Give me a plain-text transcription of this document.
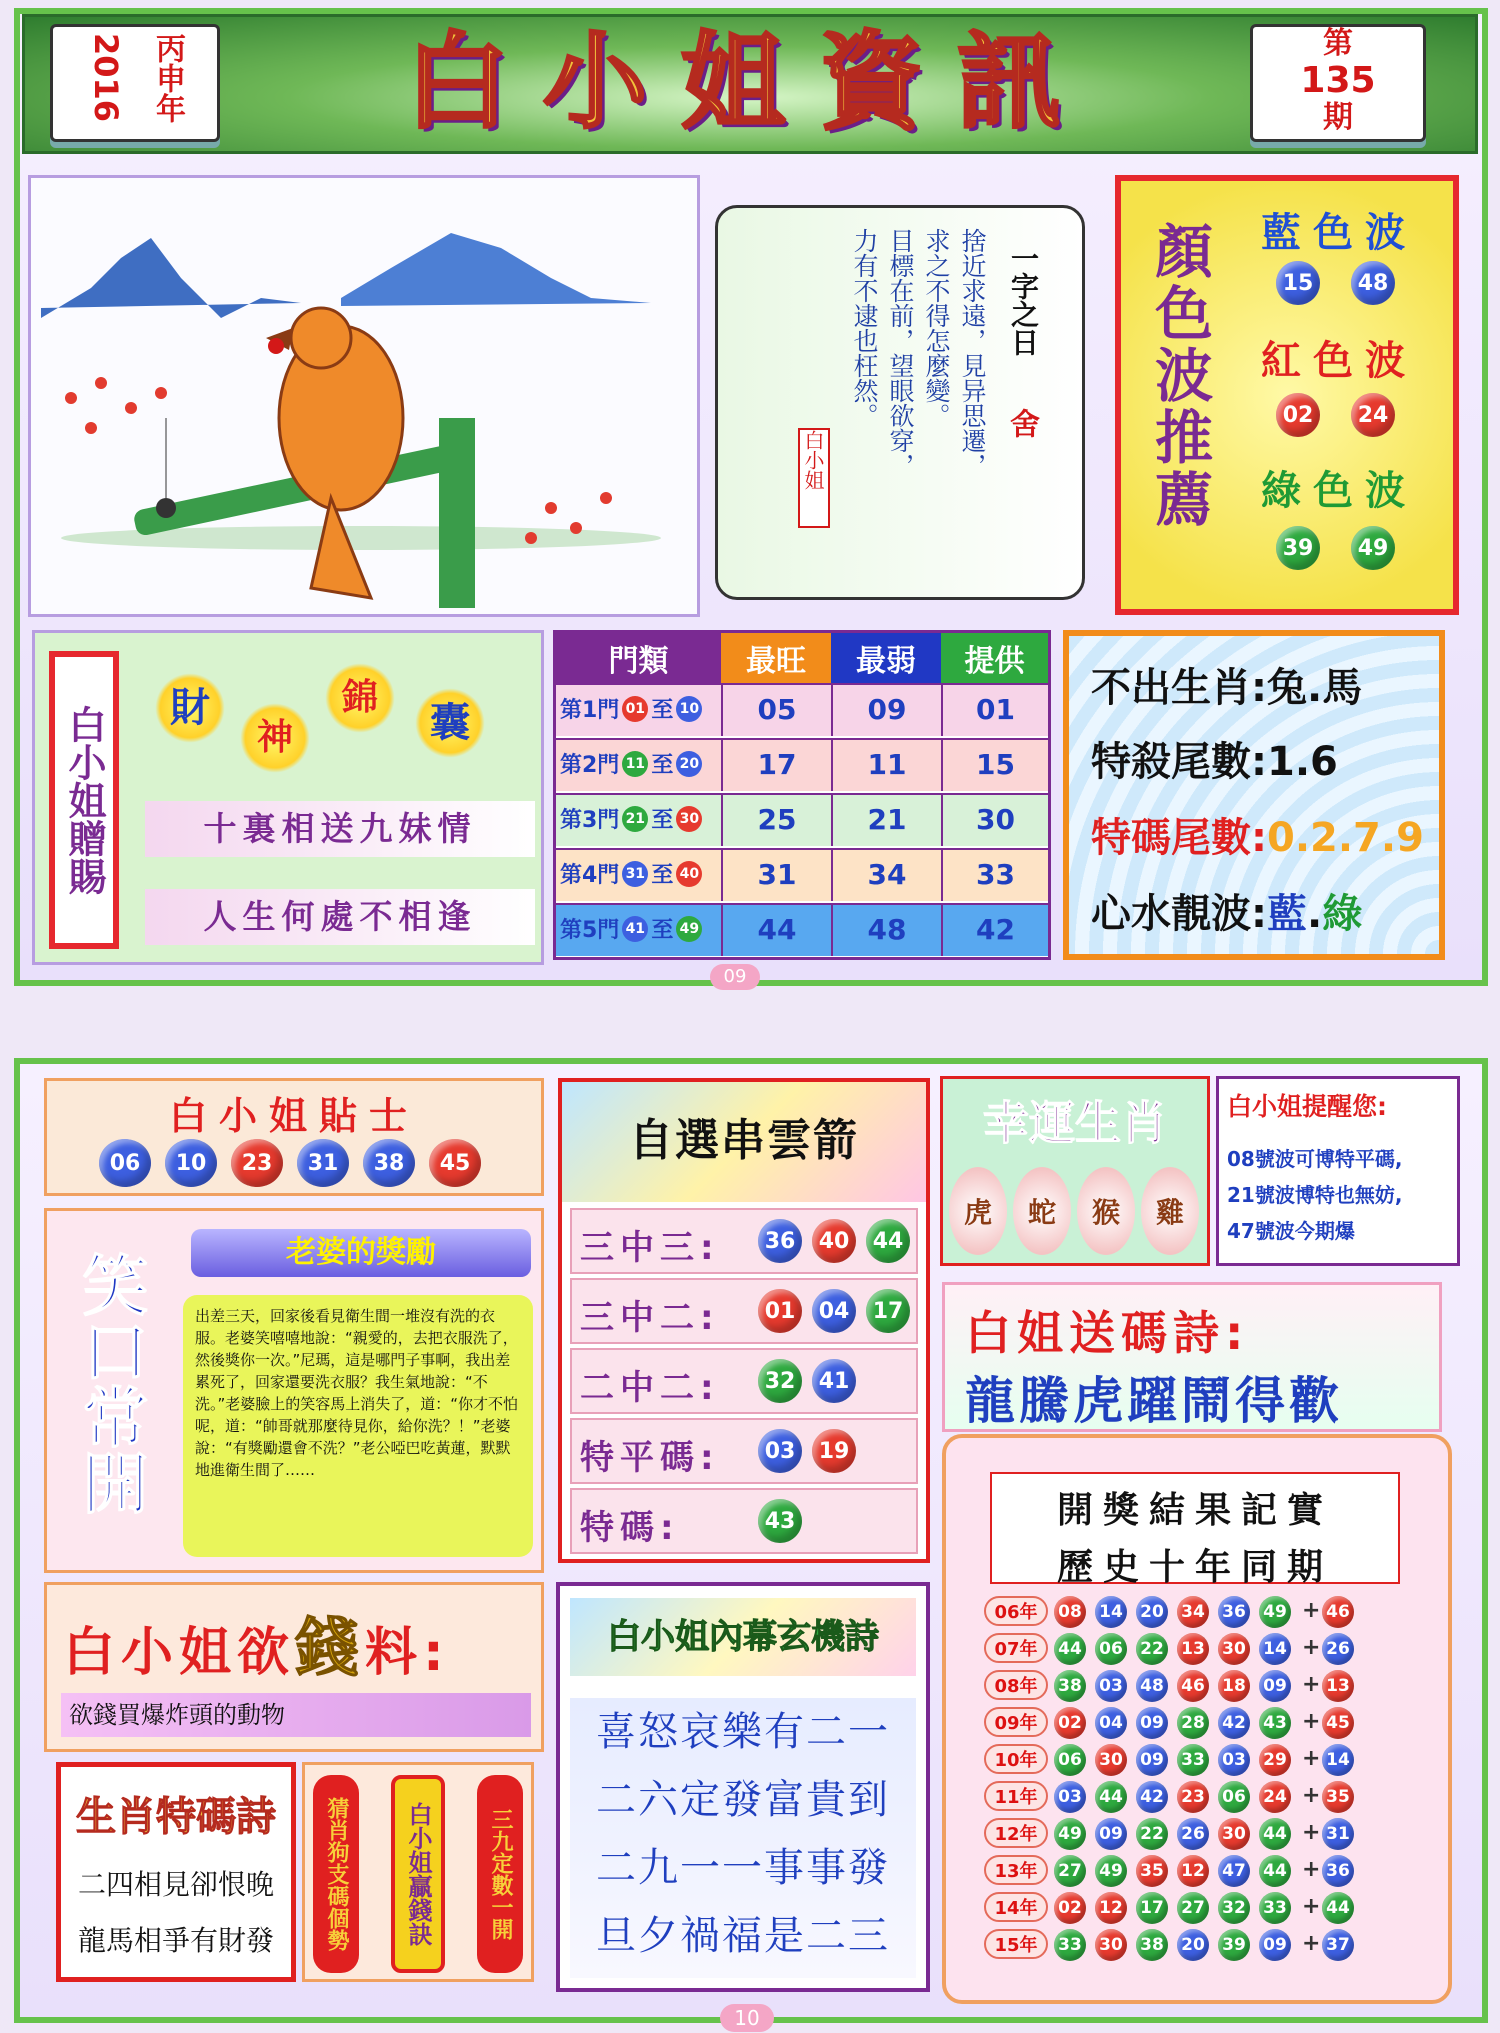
丙申年
2016	白小姐資訊	第
135
期
一字之日
舍
捨近求遠，見异思遷，
求之不得怎麼變。
目標在前，望眼欲穿，
力有不逮也枉然。
白小姐	顏色波推薦 藍色波
15	48
紅色波
02	24
綠色波
39	49
白小姐贈賜	財
神
錦
囊
十裏相送九妹情
人生何處不相逢
門類	最旺	最弱	提供
第1門 01 至 10	05	09	01
第2門 11 至 20	17	11	15
第3門 21 至 30	25	21	30
第4門 31 至 40	31	34	33
第5門 41 至 49	44	48	42
不出生肖:兔.馬
特殺尾數:1.6
特碼尾數:0.2.7.9
心水靚波:藍.綠
09
白小姐貼士
06	10	23	31	38	45
笑口常開	老婆的獎勵
出差三天，回家後看見衛生間一堆沒有洗的衣服。老婆笑嘻嘻地說：“親愛的，去把衣服洗了，然後獎你一次。”尼瑪，這是哪門子事啊，我出差累死了，回家還要洗衣服？我生氣地說：“不洗。”老婆臉上的笑容馬上消失了，道：“你才不怕呢，道：“帥哥就那麼待見你，給你洗？！”老婆說：“有獎勵還會不洗？”老公啞巴吃黃蓮，默默地進衛生間了……
自選串雲箭
三中三:	36	40	44
三中二:	01	04	17
二中二:	32	41
特平碼:	03	19
特碼:	43
幸運生肖
虎	蛇	猴	雞
白小姐提醒您:
08號波可博特平碼,
21號波博特也無妨,
47號波今期爆
白姐送碼詩:
龍騰虎躍鬧得歡
開獎結果記實
歷史十年同期
06年	08 14 20 34 36 49 + 46
07年	44 06 22 13 30 14 + 26
08年	38 03 48 46 18 09 + 13
09年	02 04 09 28 42 43 + 45
10年	06 30 09 33 03 29 + 14
11年	03 44 42 23 06 24 + 35
12年	49 09 22 26 30 44 + 31
13年	27 49 35 12 47 44 + 36
14年	02 12 17 27 32 33 + 44
15年	33 30 38 20 39 09 + 37
白小姐欲錢料:
欲錢買爆炸頭的動物
生肖特碼詩
二四相見卻恨晚
龍馬相爭有財發	猜肖狗支碼個勢	白小姐贏錢訣	三九定數一開
白小姐內幕玄機詩
喜怒哀樂有二一
二六定發富貴到
二九一一事事發
旦夕禍福是二三
10
